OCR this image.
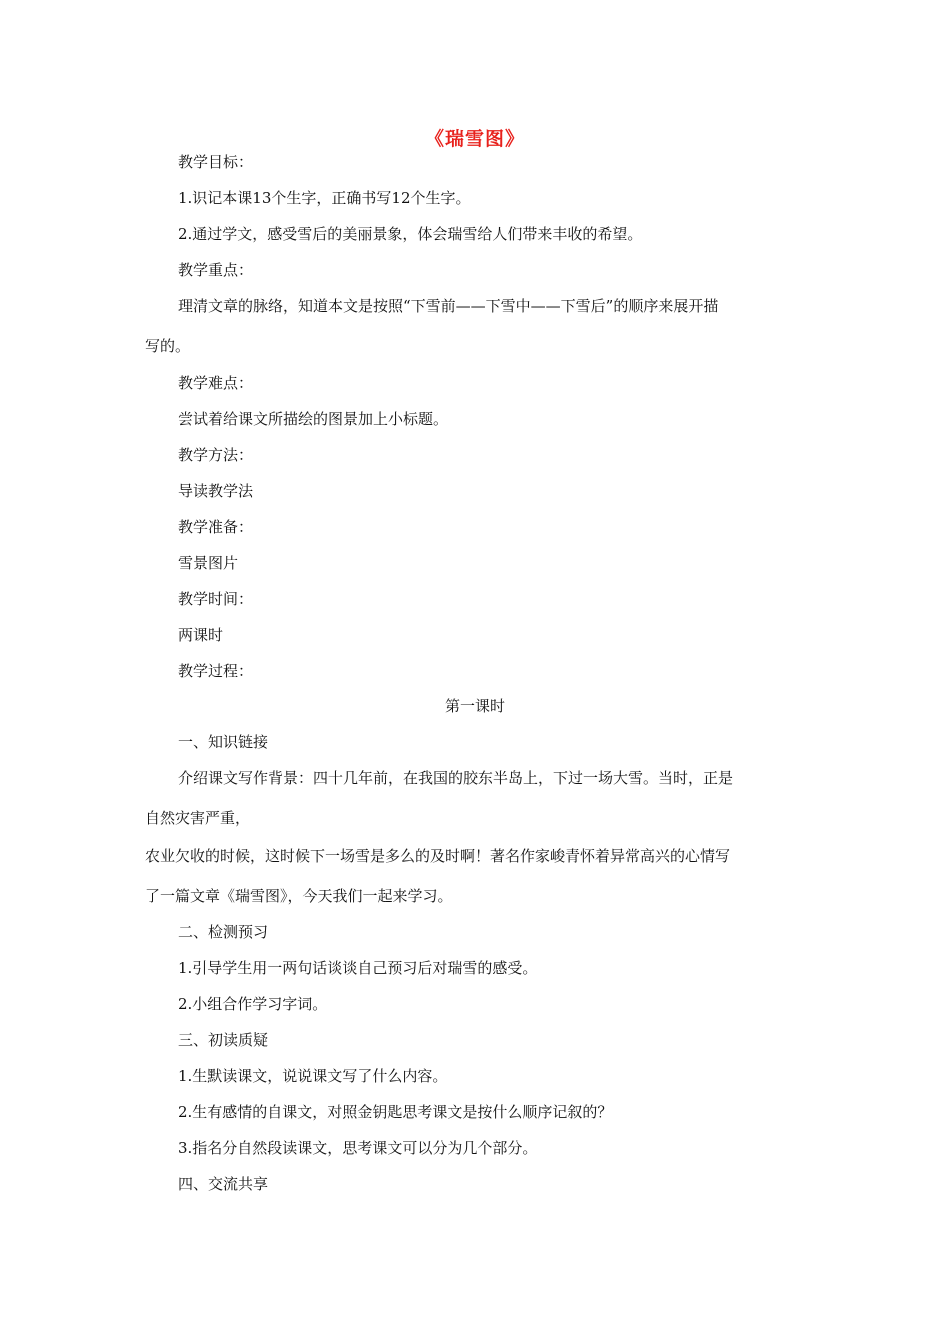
《瑞雪图》
教学目标：
1.识记本课13个生字，正确书写12个生字。
2.通过学文，感受雪后的美丽景象，体会瑞雪给人们带来丰收的希望。
教学重点：
理清文章的脉络，知道本文是按照“下雪前——下雪中——下雪后”的顺序来展开描
写的。
教学难点：
尝试着给课文所描绘的图景加上小标题。
教学方法：
导读教学法
教学准备：
雪景图片
教学时间：
两课时
教学过程：
第一课时
一、知识链接
介绍课文写作背景：四十几年前，在我国的胶东半岛上，下过一场大雪。当时，正是
自然灾害严重，
农业欠收的时候，这时候下一场雪是多么的及时啊！著名作家峻青怀着异常高兴的心情写
了一篇文章《瑞雪图》，今天我们一起来学习。
二、检测预习
1.引导学生用一两句话谈谈自己预习后对瑞雪的感受。
2.小组合作学习字词。
三、初读质疑
1.生默读课文，说说课文写了什么内容。
2.生有感情的自课文，对照金钥匙思考课文是按什么顺序记叙的？
3.指名分自然段读课文，思考课文可以分为几个部分。
四、交流共享
